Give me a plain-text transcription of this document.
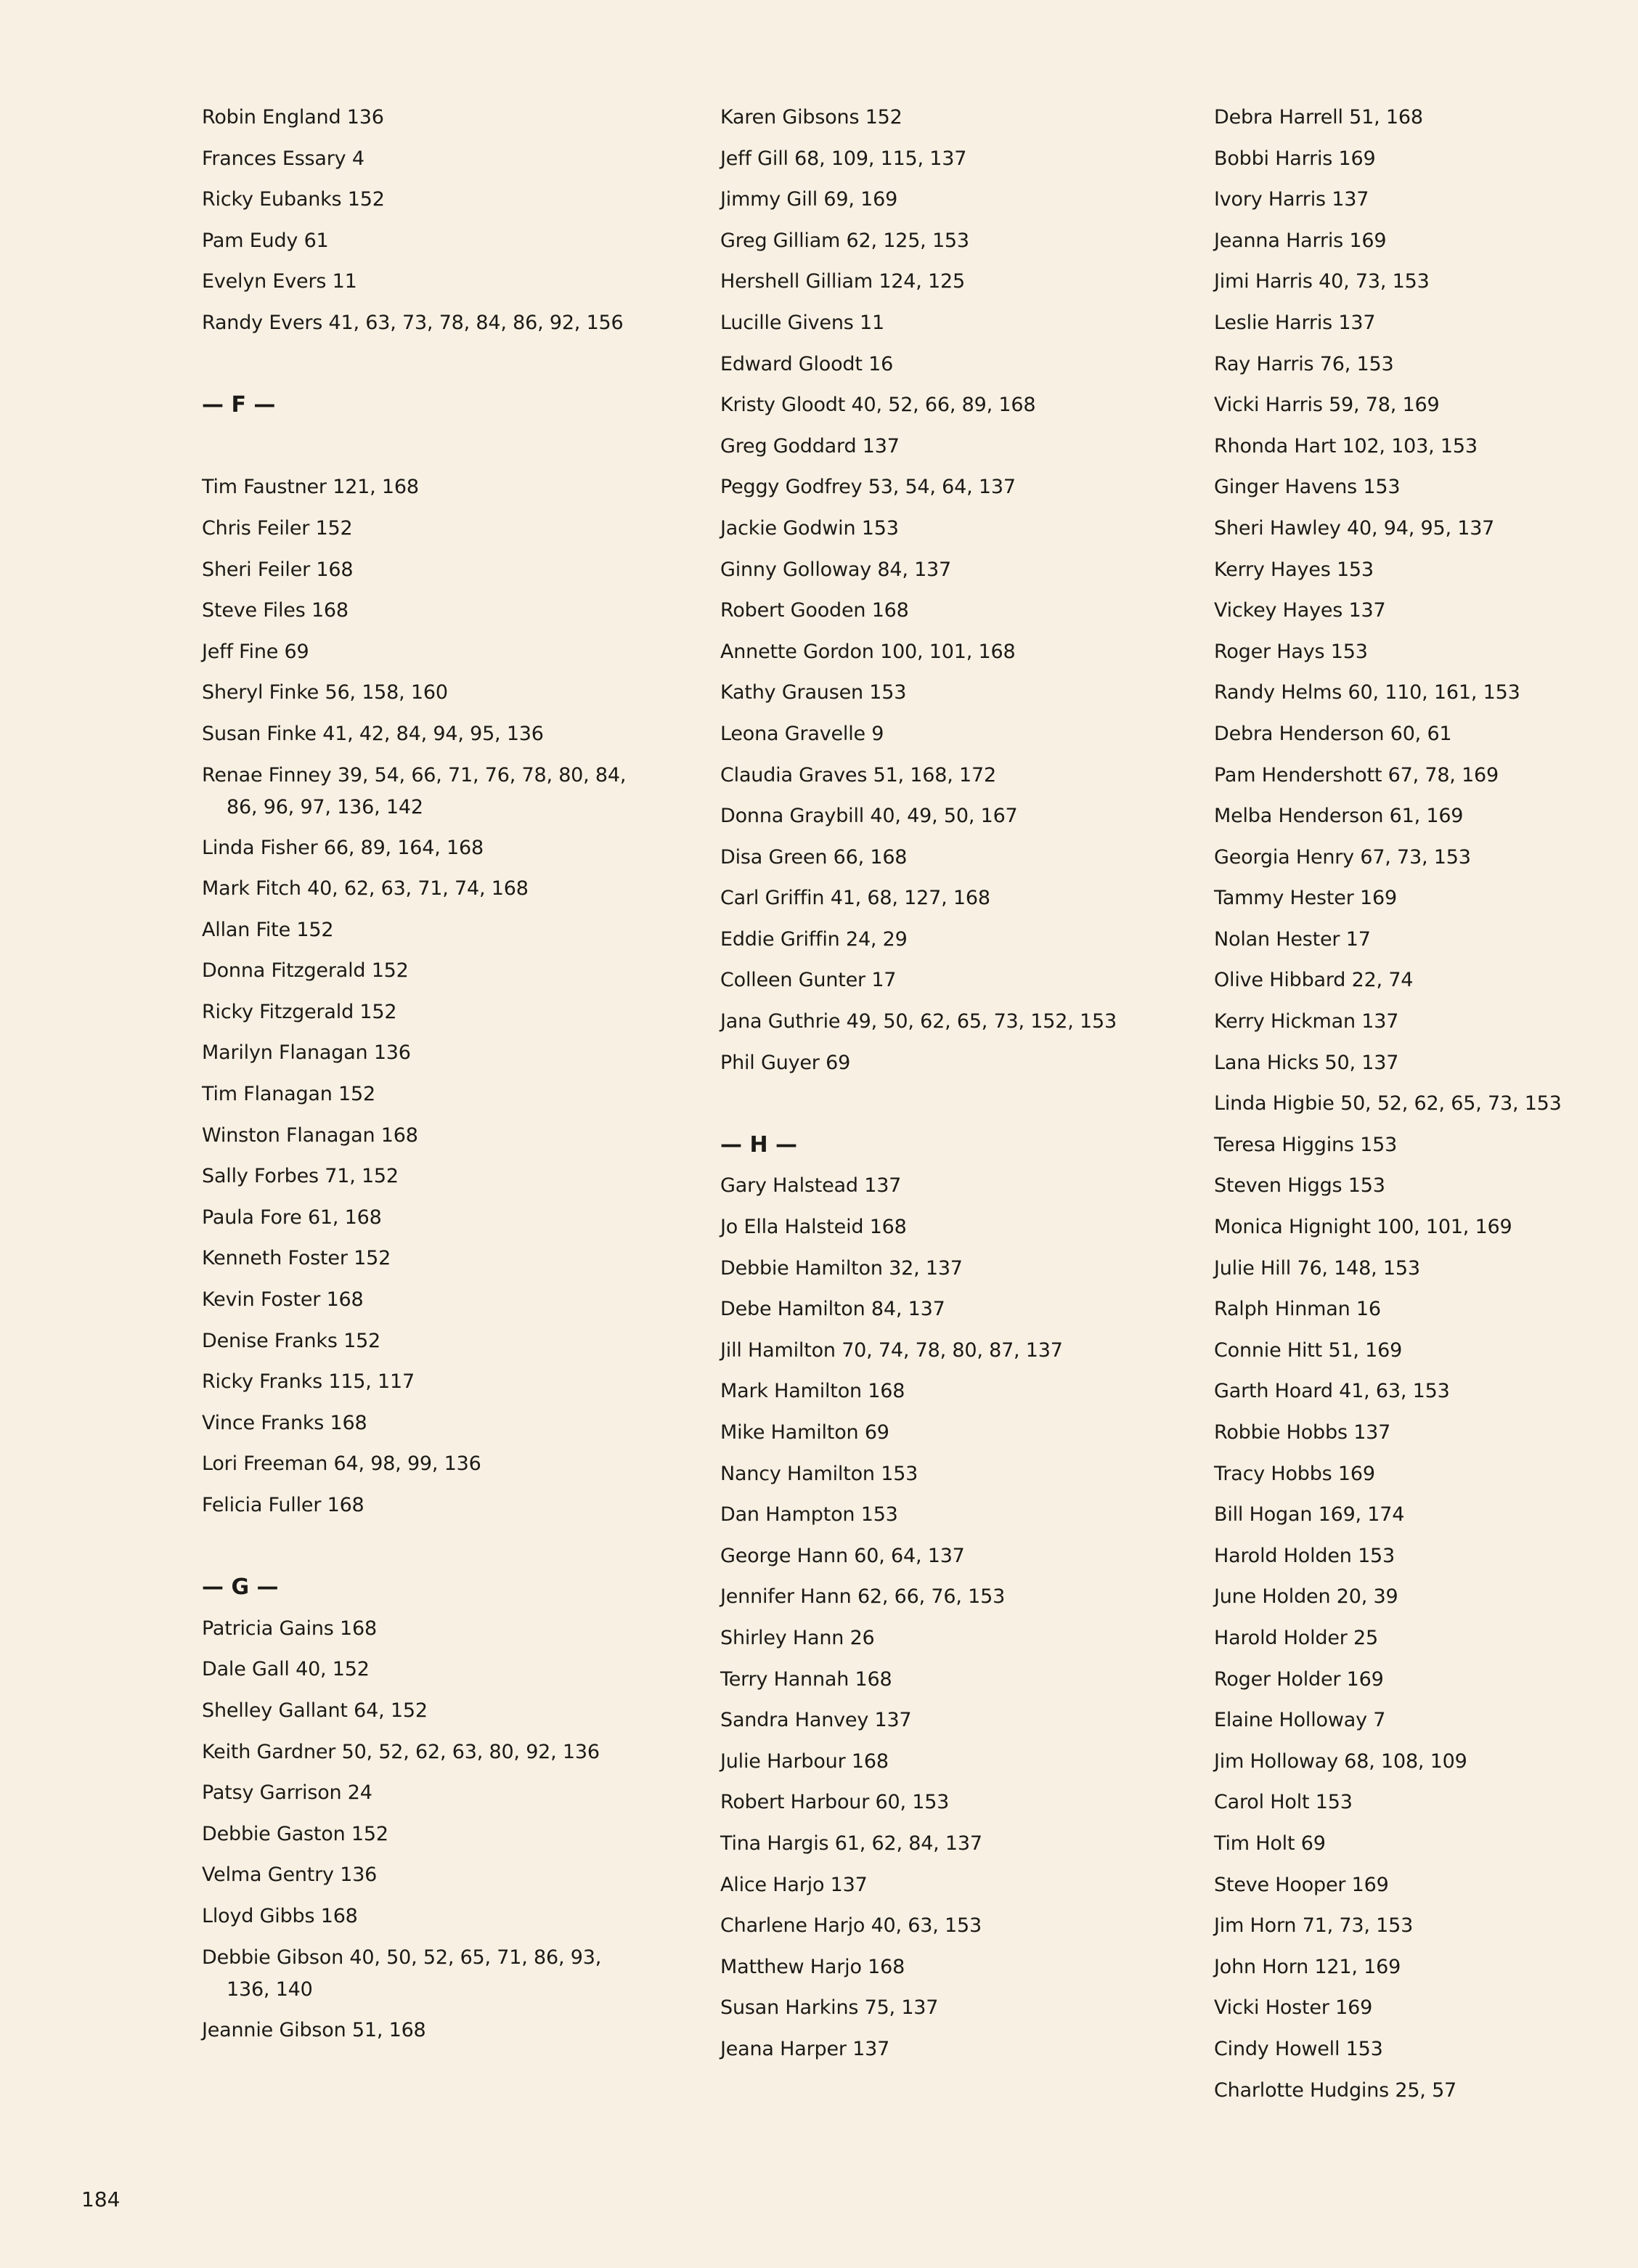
Robin England 136
Frances Essary 4
Ricky Eubanks 152
Pam Eudy 61
Evelyn Evers 11
Randy Evers 41, 63, 73, 78, 84, 86, 92, 156
— F —
Tim Faustner 121, 168
Chris Feiler 152
Sheri Feiler 168
Steve Files 168
Jeff Fine 69
Sheryl Finke 56, 158, 160
Susan Finke 41, 42, 84, 94, 95, 136
Renae Finney 39, 54, 66, 71, 76, 78, 80, 84,
86, 96, 97, 136, 142
Linda Fisher 66, 89, 164, 168
Mark Fitch 40, 62, 63, 71, 74, 168
Allan Fite 152
Donna Fitzgerald 152
Ricky Fitzgerald 152
Marilyn Flanagan 136
Tim Flanagan 152
Winston Flanagan 168
Sally Forbes 71, 152
Paula Fore 61, 168
Kenneth Foster 152
Kevin Foster 168
Denise Franks 152
Ricky Franks 115, 117
Vince Franks 168
Lori Freeman 64, 98, 99, 136
Felicia Fuller 168
— G —
Patricia Gains 168
Dale Gall 40, 152
Shelley Gallant 64, 152
Keith Gardner 50, 52, 62, 63, 80, 92, 136
Patsy Garrison 24
Debbie Gaston 152
Velma Gentry 136
Lloyd Gibbs 168
Debbie Gibson 40, 50, 52, 65, 71, 86, 93,
136, 140
Jeannie Gibson 51, 168
Karen Gibsons 152
Jeff Gill 68, 109, 115, 137
Jimmy Gill 69, 169
Greg Gilliam 62, 125, 153
Hershell Gilliam 124, 125
Lucille Givens 11
Edward Gloodt 16
Kristy Gloodt 40, 52, 66, 89, 168
Greg Goddard 137
Peggy Godfrey 53, 54, 64, 137
Jackie Godwin 153
Ginny Golloway 84, 137
Robert Gooden 168
Annette Gordon 100, 101, 168
Kathy Grausen 153
Leona Gravelle 9
Claudia Graves 51, 168, 172
Donna Graybill 40, 49, 50, 167
Disa Green 66, 168
Carl Griffin 41, 68, 127, 168
Eddie Griffin 24, 29
Colleen Gunter 17
Jana Guthrie 49, 50, 62, 65, 73, 152, 153
Phil Guyer 69
— H —
Gary Halstead 137
Jo Ella Halsteid 168
Debbie Hamilton 32, 137
Debe Hamilton 84, 137
Jill Hamilton 70, 74, 78, 80, 87, 137
Mark Hamilton 168
Mike Hamilton 69
Nancy Hamilton 153
Dan Hampton 153
George Hann 60, 64, 137
Jennifer Hann 62, 66, 76, 153
Shirley Hann 26
Terry Hannah 168
Sandra Hanvey 137
Julie Harbour 168
Robert Harbour 60, 153
Tina Hargis 61, 62, 84, 137
Alice Harjo 137
Charlene Harjo 40, 63, 153
Matthew Harjo 168
Susan Harkins 75, 137
Jeana Harper 137
Debra Harrell 51, 168
Bobbi Harris 169
Ivory Harris 137
Jeanna Harris 169
Jimi Harris 40, 73, 153
Leslie Harris 137
Ray Harris 76, 153
Vicki Harris 59, 78, 169
Rhonda Hart 102, 103, 153
Ginger Havens 153
Sheri Hawley 40, 94, 95, 137
Kerry Hayes 153
Vickey Hayes 137
Roger Hays 153
Randy Helms 60, 110, 161, 153
Debra Henderson 60, 61
Pam Hendershott 67, 78, 169
Melba Henderson 61, 169
Georgia Henry 67, 73, 153
Tammy Hester 169
Nolan Hester 17
Olive Hibbard 22, 74
Kerry Hickman 137
Lana Hicks 50, 137
Linda Higbie 50, 52, 62, 65, 73, 153
Teresa Higgins 153
Steven Higgs 153
Monica Hignight 100, 101, 169
Julie Hill 76, 148, 153
Ralph Hinman 16
Connie Hitt 51, 169
Garth Hoard 41, 63, 153
Robbie Hobbs 137
Tracy Hobbs 169
Bill Hogan 169, 174
Harold Holden 153
June Holden 20, 39
Harold Holder 25
Roger Holder 169
Elaine Holloway 7
Jim Holloway 68, 108, 109
Carol Holt 153
Tim Holt 69
Steve Hooper 169
Jim Horn 71, 73, 153
John Horn 121, 169
Vicki Hoster 169
Cindy Howell 153
Charlotte Hudgins 25, 57
184
